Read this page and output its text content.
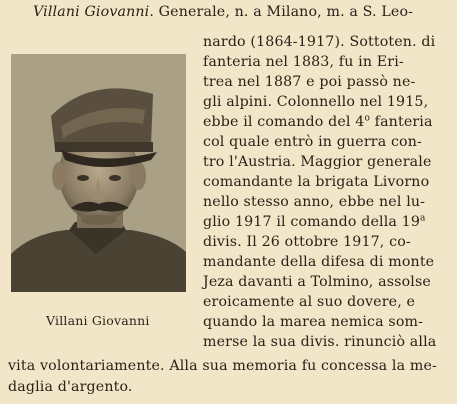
Villani Giovanni
Villani Giovanni. Generale, n. a Milano, m. a S. Leo-
nardo (1864-1917). Sottoten. di
fanteria nel 1883, fu in Eri-
trea nel 1887 e poi passò ne-
gli alpini. Colonnello nel 1915,
ebbe il comando del 4$^o$ fanteria
col quale entrò in guerra con-
tro l'Austria. Maggior generale
comandante la brigata Livorno
nello stesso anno, ebbe nel lu-
glio 1917 il comando della 19$^a$
divis. Il 26 ottobre 1917, co-
mandante della difesa di monte
Jeza davanti a Tolmino, assolse
eroicamente al suo dovere, e
quando la marea nemica som-
merse la sua divis. rinunciò alla
vita volontariamente. Alla sua memoria fu concessa la me-
daglia d'argento.
